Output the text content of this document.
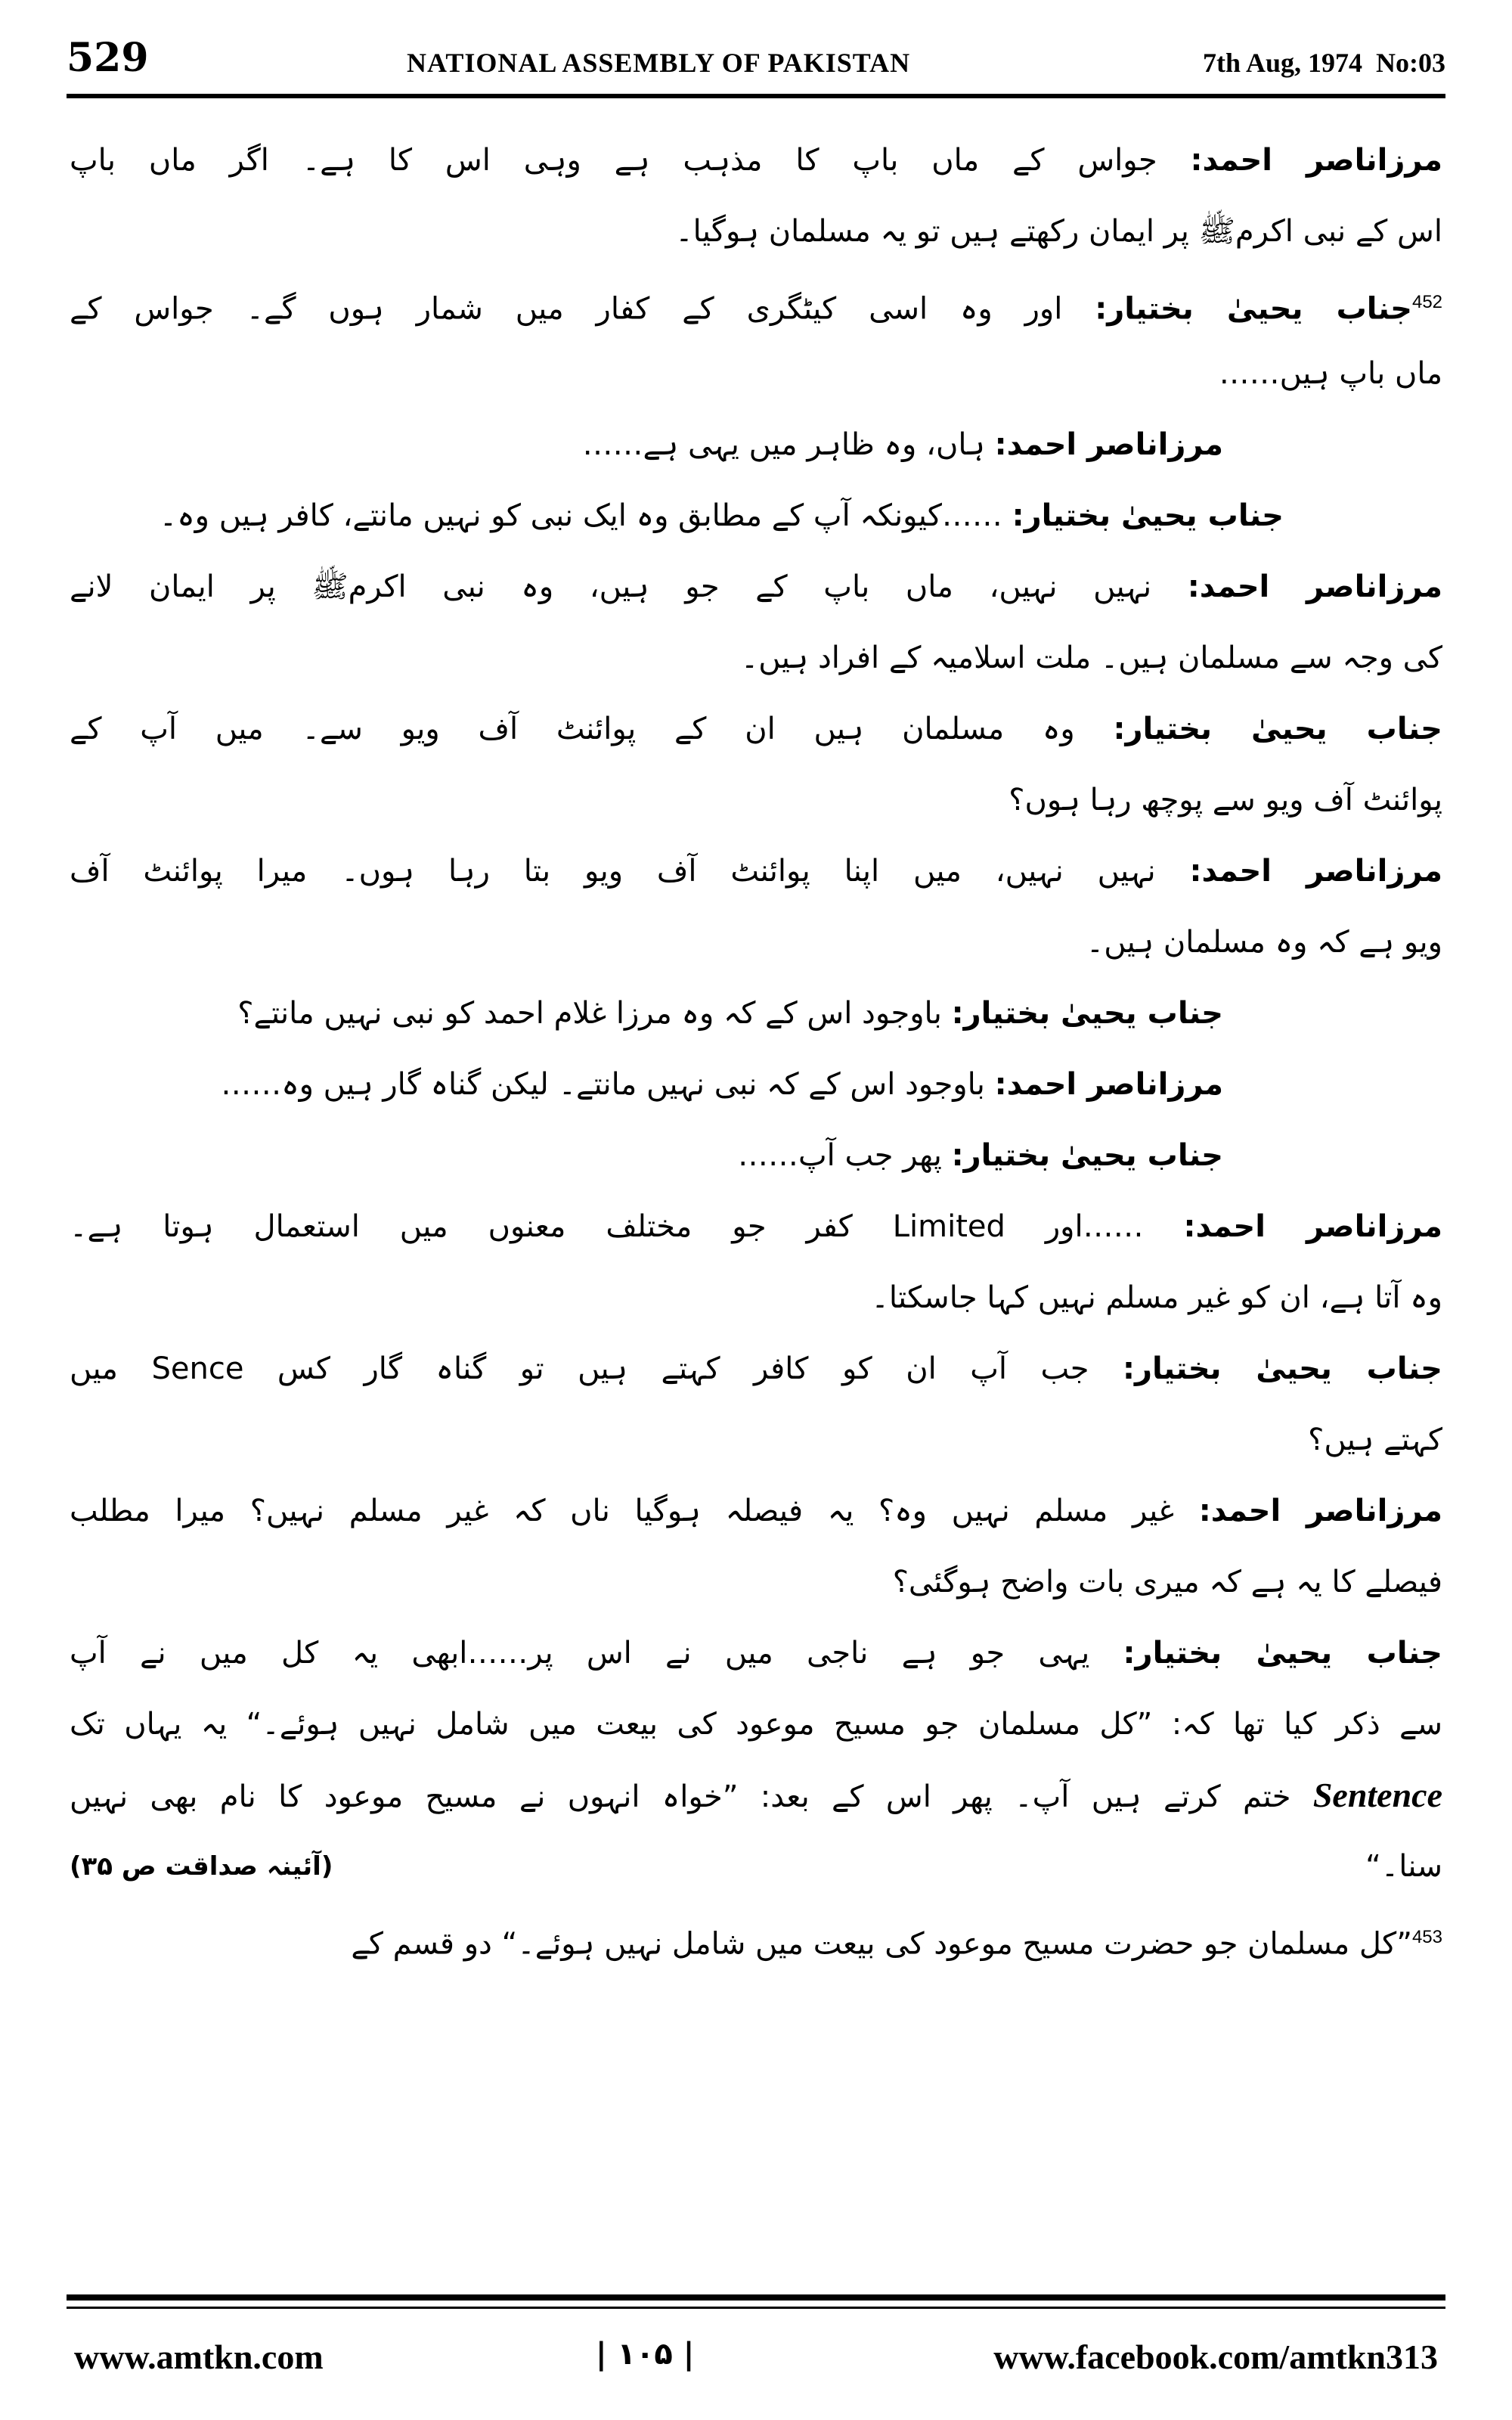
529	NATIONAL ASSEMBLY OF PAKISTAN	7th Aug, 1974 No:03
مرزاناصر احمد: جواس کے ماں باپ کا مذہب ہے وہی اس کا ہے۔ اگر ماں باپ
اس کے نبی اکرمﷺ پر ایمان رکھتے ہیں تو یہ مسلمان ہوگیا۔
$^{452}$جناب یحییٰ بختیار: اور وہ اسی کیٹگری کے کفار میں شمار ہوں گے۔ جواس کے
ماں باپ ہیں……
مرزاناصر احمد: ہاں، وہ ظاہر میں یہی ہے……
جناب یحییٰ بختیار: ……کیونکہ آپ کے مطابق وہ ایک نبی کو نہیں مانتے، کافر ہیں وہ۔
مرزاناصر احمد: نہیں نہیں، ماں باپ کے جو ہیں، وہ نبی اکرمﷺ پر ایمان لانے
کی وجہ سے مسلمان ہیں۔ ملت اسلامیہ کے افراد ہیں۔
جناب یحییٰ بختیار: وہ مسلمان ہیں ان کے پوائنٹ آف ویو سے۔ میں آپ کے
پوائنٹ آف ویو سے پوچھ رہا ہوں؟
مرزاناصر احمد: نہیں نہیں، میں اپنا پوائنٹ آف ویو بتا رہا ہوں۔ میرا پوائنٹ آف
ویو ہے کہ وہ مسلمان ہیں۔
جناب یحییٰ بختیار: باوجود اس کے کہ وہ مرزا غلام احمد کو نبی نہیں مانتے؟
مرزاناصر احمد: باوجود اس کے کہ نبی نہیں مانتے۔ لیکن گناہ گار ہیں وہ……
جناب یحییٰ بختیار: پھر جب آپ……
مرزاناصر احمد: ……اور Limited کفر جو مختلف معنوں میں استعمال ہوتا ہے۔
وہ آتا ہے، ان کو غیر مسلم نہیں کہا جاسکتا۔
جناب یحییٰ بختیار: جب آپ ان کو کافر کہتے ہیں تو گناہ گار کس Sence میں
کہتے ہیں؟
مرزاناصر احمد: غیر مسلم نہیں وہ؟ یہ فیصلہ ہوگیا ناں کہ غیر مسلم نہیں؟ میرا مطلب
فیصلے کا یہ ہے کہ میری بات واضح ہوگئی؟
جناب یحییٰ بختیار: یہی جو ہے ناجی میں نے اس پر……ابھی یہ کل میں نے آپ
سے ذکر کیا تھا کہ: ”کل مسلمان جو مسیح موعود کی بیعت میں شامل نہیں ہوئے۔“ یہ یہاں تک
Sentence ختم کرتے ہیں آپ۔ پھر اس کے بعد: ”خواہ انہوں نے مسیح موعود کا نام بھی نہیں
سنا۔“
(آئینہ صداقت ص ۳۵)
$^{453}$”کل مسلمان جو حضرت مسیح موعود کی بیعت میں شامل نہیں ہوئے۔“ دو قسم کے
www.amtkn.com	| ۱۰۵ |	www.facebook.com/amtkn313
